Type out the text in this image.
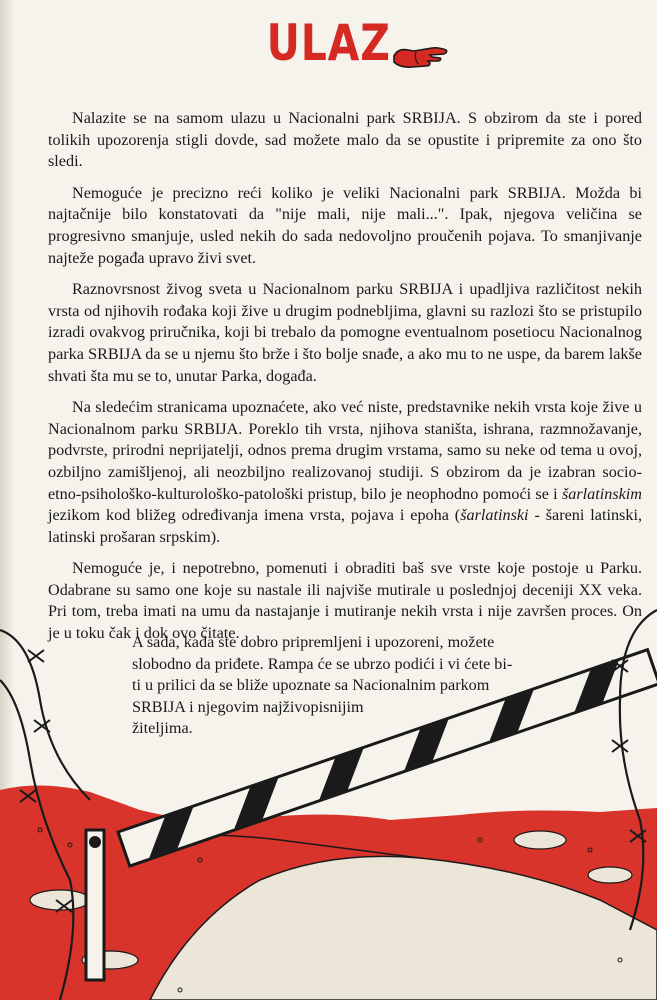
ULAZ

Nalazite se na samom ulazu u Nacionalni park SRBIJA. S obzirom da ste i pored tolikih upozorenja stigli dovde, sad možete malo da se opustite i pripremite za ono što sledi.

Nemoguće je precizno reći koliko je veliki Nacionalni park SRBIJA. Možda bi najtačnije bilo konstatovati da "nije mali, nije mali...". Ipak, njegova veličina se progresivno smanjuje, usled nekih do sada nedovoljno proučenih pojava. To smanjivanje najteže pogađa upravo živi svet.

Raznovrsnost živog sveta u Nacionalnom parku SRBIJA i upadljiva različitost nekih vrsta od njihovih rođaka koji žive u drugim podnebljima, glavni su razlozi što se pristupilo izradi ovakvog priručnika, koji bi trebalo da pomogne eventualnom posetiocu Nacionalnog parka SRBIJA da se u njemu što brže i što bolje snađe, a ako mu to ne uspe, da barem lakše shvati šta mu se to, unutar Parka, događa.

Na sledećim stranicama upoznaćete, ako već niste, predstavnike nekih vrsta koje žive u Nacionalnom parku SRBIJA. Poreklo tih vrsta, njihova staništa, ishrana, razmnožavanje, podvrste, prirodni neprijatelji, odnos prema drugim vrstama, samo su neke od tema u ovoj, ozbiljno zamišljenoj, ali neozbiljno realizovanoj studiji. S obzirom da je izabran socio-etno-psihološko-kulturološko-patološki pristup, bilo je neophodno pomoći se i šarlatinskim jezikom kod bližeg određivanja imena vrsta, pojava i epoha (šarlatinski - šareni latinski, latinski prošaran srpskim).

Nemoguće je, i nepotrebno, pomenuti i obraditi baš sve vrste koje postoje u Parku. Odabrane su samo one koje su nastale ili najviše mutirale u poslednjoj deceniji XX veka. Pri tom, treba imati na umu da nastajanje i mutiranje nekih vrsta i nije završen proces. On je u toku čak i dok ovo čitate.

A sada, kada ste dobro pripremljeni i upozoreni, možete

slobodno da priđete. Rampa će se ubrzo podići i vi ćete bi-

ti u prilici da se bliže upoznate sa Nacionalnim parkom

SRBIJA i njegovim najživopisnijim

žiteljima.
